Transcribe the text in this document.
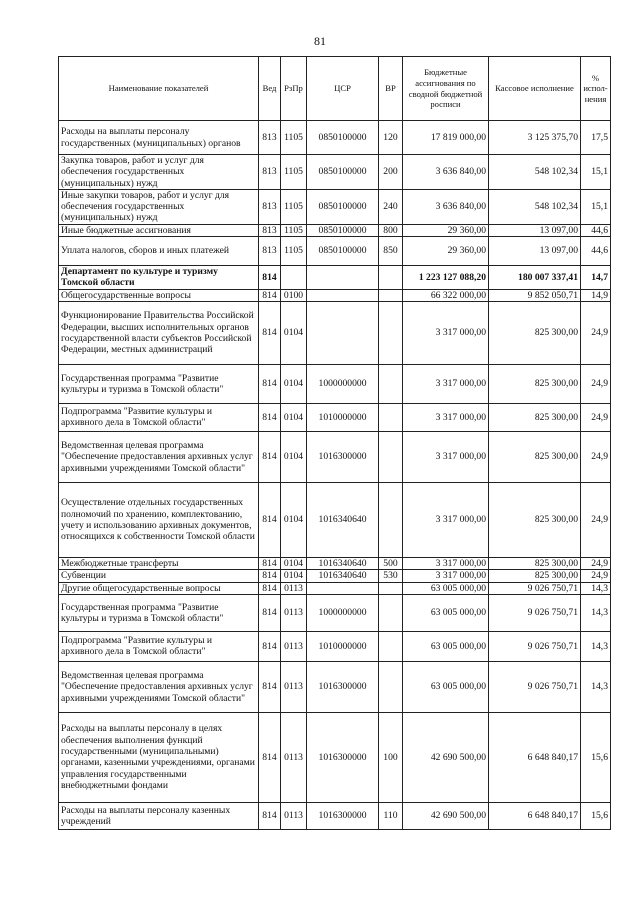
81
Наименование показателей	Вед	РзПр	ЦСР	ВР	Бюджетные ассигнования по сводной бюджетной росписи	Кассовое исполнение	% испол-нения
Расходы на выплаты персоналу государственных (муниципальных) органов	813	1105	0850100000	120	17 819 000,00	3 125 375,70	17,5
Закупка товаров, работ и услуг для обеспечения государственных (муниципальных) нужд	813	1105	0850100000	200	3 636 840,00	548 102,34	15,1
Иные закупки товаров, работ и услуг для обеспечения государственных (муниципальных) нужд	813	1105	0850100000	240	3 636 840,00	548 102,34	15,1
Иные бюджетные ассигнования	813	1105	0850100000	800	29 360,00	13 097,00	44,6
Уплата налогов, сборов и иных платежей	813	1105	0850100000	850	29 360,00	13 097,00	44,6
Департамент по культуре и туризму Томской области	814				1 223 127 088,20	180 007 337,41	14,7
Общегосударственные вопросы	814	0100			66 322 000,00	9 852 050,71	14,9
Функционирование Правительства Российской Федерации, высших исполнительных органов государственной власти субъектов Российской Федерации, местных администраций	814	0104			3 317 000,00	825 300,00	24,9
Государственная программа "Развитие культуры и туризма в Томской области"	814	0104	1000000000		3 317 000,00	825 300,00	24,9
Подпрограмма "Развитие культуры и архивного дела в Томской области"	814	0104	1010000000		3 317 000,00	825 300,00	24,9
Ведомственная целевая программа "Обеспечение предоставления архивных услуг архивными учреждениями Томской области"	814	0104	1016300000		3 317 000,00	825 300,00	24,9
Осуществление отдельных государственных полномочий по хранению, комплектованию, учету и использованию архивных документов, относящихся к собственности Томской области	814	0104	1016340640		3 317 000,00	825 300,00	24,9
Межбюджетные трансферты	814	0104	1016340640	500	3 317 000,00	825 300,00	24,9
Субвенции	814	0104	1016340640	530	3 317 000,00	825 300,00	24,9
Другие общегосударственные вопросы	814	0113			63 005 000,00	9 026 750,71	14,3
Государственная программа "Развитие культуры и туризма в Томской области"	814	0113	1000000000		63 005 000,00	9 026 750,71	14,3
Подпрограмма "Развитие культуры и архивного дела в Томской области"	814	0113	1010000000		63 005 000,00	9 026 750,71	14,3
Ведомственная целевая программа "Обеспечение предоставления архивных услуг архивными учреждениями Томской области"	814	0113	1016300000		63 005 000,00	9 026 750,71	14,3
Расходы на выплаты персоналу в целях обеспечения выполнения функций государственными (муниципальными) органами, казенными учреждениями, органами управления государственными внебюджетными фондами	814	0113	1016300000	100	42 690 500,00	6 648 840,17	15,6
Расходы на выплаты персоналу казенных учреждений	814	0113	1016300000	110	42 690 500,00	6 648 840,17	15,6
